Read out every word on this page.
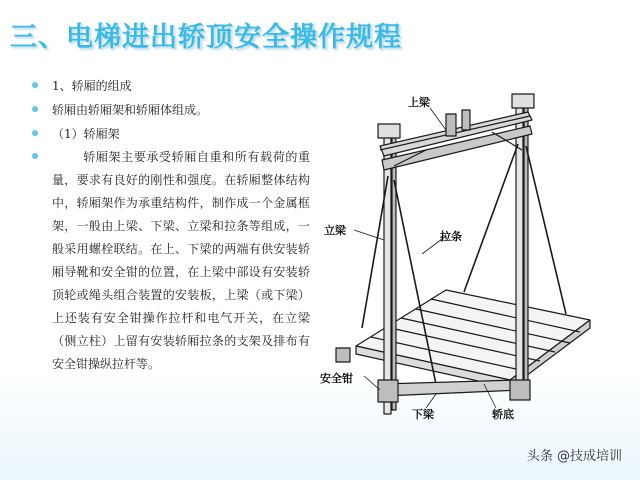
三、电梯进出轿顶安全操作规程
1、轿厢的组成
轿厢由轿厢架和轿厢体组成。
（1）轿厢架
轿厢架主要承受轿厢自重和所有载荷的重量，要求有良好的刚性和强度。在轿厢整体结构中，轿厢架作为承重结构件，制作成一个金属框架，一般由上梁、下梁、立梁和拉条等组成，一般采用螺栓联结。在上、下梁的两端有供安装轿厢导靴和安全钳的位置，在上梁中部设有安装轿顶轮或绳头组合装置的安装板，上梁（或下梁）上还装有安全钳操作拉杆和电气开关，在立梁（侧立柱）上留有安装轿厢拉条的支架及排布有安全钳操纵拉杆等。
上梁
立梁	拉条
安全钳
下梁	轿底
头条 @技成培训
